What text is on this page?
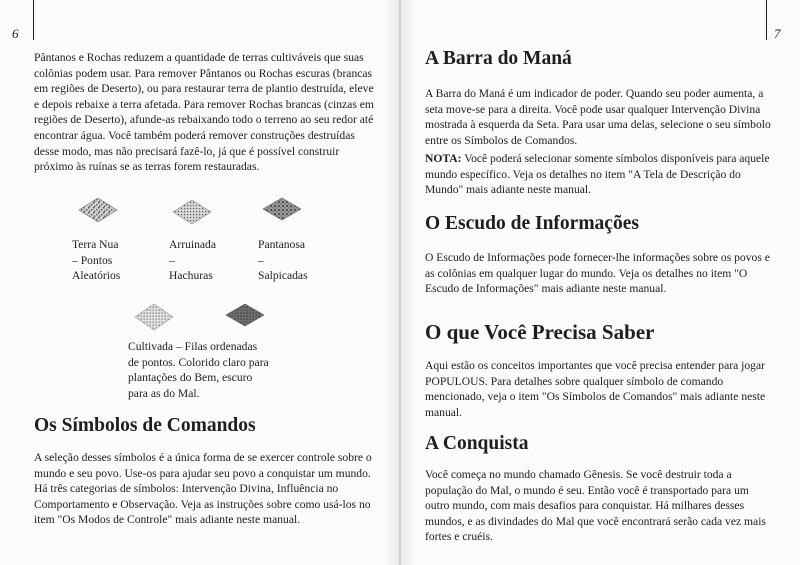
6

Pântanos e Rochas reduzem a quantidade de terras cultiváveis que suas colônias podem usar. Para remover Pântanos ou Rochas escuras (brancas em regiões de Deserto), ou para restaurar terra de plantio destruída, eleve e depois rebaixe a terra afetada. Para remover Rochas brancas (cinzas em regiões de Deserto), afunde-as rebaixando todo o terreno ao seu redor até encontrar água. Você também poderá remover construções destruídas desse modo, mas não precisará fazê-lo, já que é possível construir próximo às ruínas se as terras forem restauradas.

Terra Nua
– Pontos
Aleatórios
Arruinada
–
Hachuras
Pantanosa
–
Salpicadas
Cultivada – Filas ordenadas
de pontos. Colorido claro para
plantações do Bem, escuro
para as do Mal.
Os Símbolos de Comandos

A seleção desses símbolos é a única forma de se exercer controle sobre o mundo e seu povo. Use-os para ajudar seu povo a conquistar um mundo. Há três categorias de símbolos: Intervenção Divina, Influência no Comportamento e Observação. Veja as instruções sobre como usá-los no item "Os Modos de Controle" mais adiante neste manual.

7
A Barra do Maná

A Barra do Maná é um indicador de poder. Quando seu poder aumenta, a seta move-se para a direita. Você pode usar qualquer Intervenção Divina mostrada à esquerda da Seta. Para usar uma delas, selecione o seu símbolo entre os Símbolos de Comandos.

NOTA: Você poderá selecionar somente símbolos disponíveis para aquele mundo específico. Veja os detalhes no item "A Tela de Descrição do Mundo" mais adiante neste manual.

O Escudo de Informações

O Escudo de Informações pode fornecer-lhe informações sobre os povos e as colônias em qualquer lugar do mundo. Veja os detalhes no item "O Escudo de Informações" mais adiante neste manual.

O que Você Precisa Saber

Aqui estão os conceitos importantes que você precisa entender para jogar POPULOUS. Para detalhes sobre qualquer símbolo de comando mencionado, veja o item "Os Símbolos de Comandos" mais adiante neste manual.

A Conquista

Você começa no mundo chamado Gênesis. Se você destruir toda a população do Mal, o mundo é seu. Então você é transportado para um outro mundo, com mais desafios para conquistar. Há milhares desses mundos, e as divindades do Mal que você encontrará serão cada vez mais fortes e cruéis.
